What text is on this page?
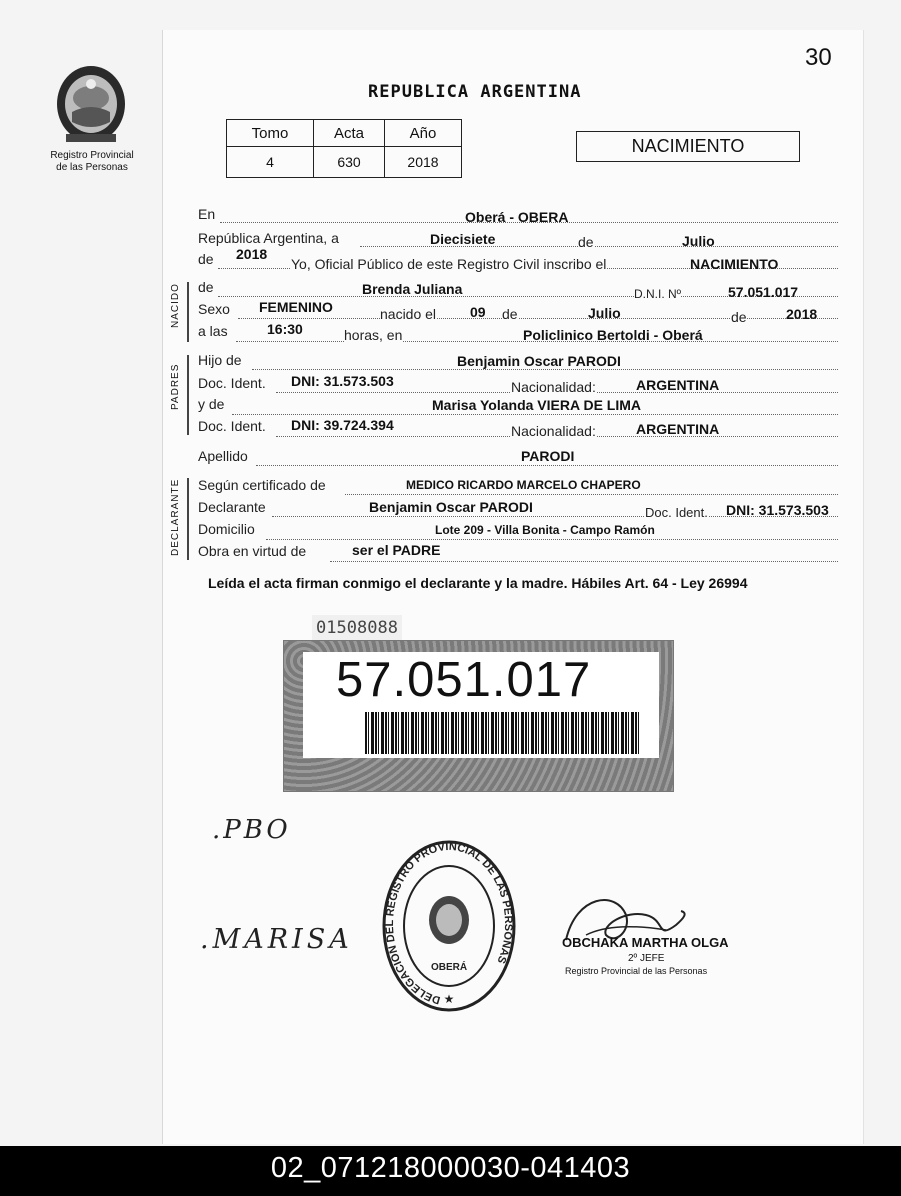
30
Registro Provincial
de las Personas
REPUBLICA ARGENTINA
Tomo	Acta	Año
4	630	2018
NACIMIENTO
NACIDO
PADRES
DECLARANTE
En	Oberá - OBERA
República Argentina, a	Diecisiete	de	Julio
de 2018
Yo, Oficial Público de este Registro Civil inscribo el	NACIMIENTO
de	Brenda Juliana	D.N.I. Nº	57.051.017
Sexo FEMENINO	nacido el 09 de	Julio	de	2018
a las	16:30	horas, en	Policlinico Bertoldi - Oberá
Hijo de	Benjamin Oscar PARODI
Doc. Ident. DNI: 31.573.503	Nacionalidad:	ARGENTINA
y de	Marisa Yolanda VIERA DE LIMA
Doc. Ident. DNI: 39.724.394	Nacionalidad:	ARGENTINA
Apellido	PARODI
Según certificado de	MEDICO RICARDO MARCELO CHAPERO
Declarante	Benjamin Oscar PARODI	Doc. Ident. DNI: 31.573.503
Domicilio	Lote 209 - Villa Bonita - Campo Ramón
Obra en virtud de	ser el PADRE
Leída el acta firman conmigo el declarante y la madre. Hábiles Art. 64 - Ley 26994
01508088
57.051.017
.PBO
.MARISA
DELEGACION DEL REGISTRO PROVINCIAL DE LAS PERSONAS
OBERÁ
★
OBCHAKA MARTHA OLGA
2º JEFE
Registro Provincial de las Personas
02_071218000030-041403
